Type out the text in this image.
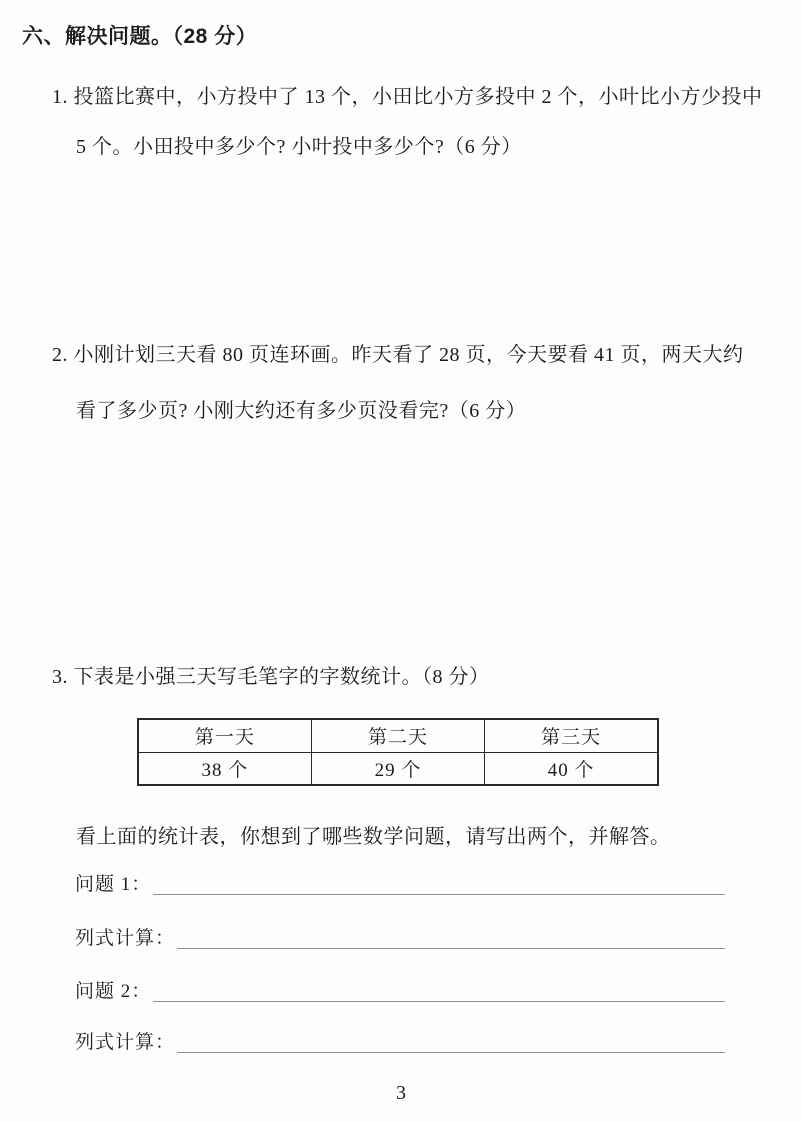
六、解决问题。（28 分）
1. 投篮比赛中，小方投中了 13 个，小田比小方多投中 2 个，小叶比小方少投中
5 个。小田投中多少个? 小叶投中多少个?（6 分）
2. 小刚计划三天看 80 页连环画。昨天看了 28 页，今天要看 41 页，两天大约
看了多少页? 小刚大约还有多少页没看完?（6 分）
3. 下表是小强三天写毛笔字的字数统计。（8 分）
第一天	第二天	第三天
38 个	29 个	40 个
看上面的统计表，你想到了哪些数学问题，请写出两个，并解答。
问题 1：
列式计算：
问题 2：
列式计算：
3
